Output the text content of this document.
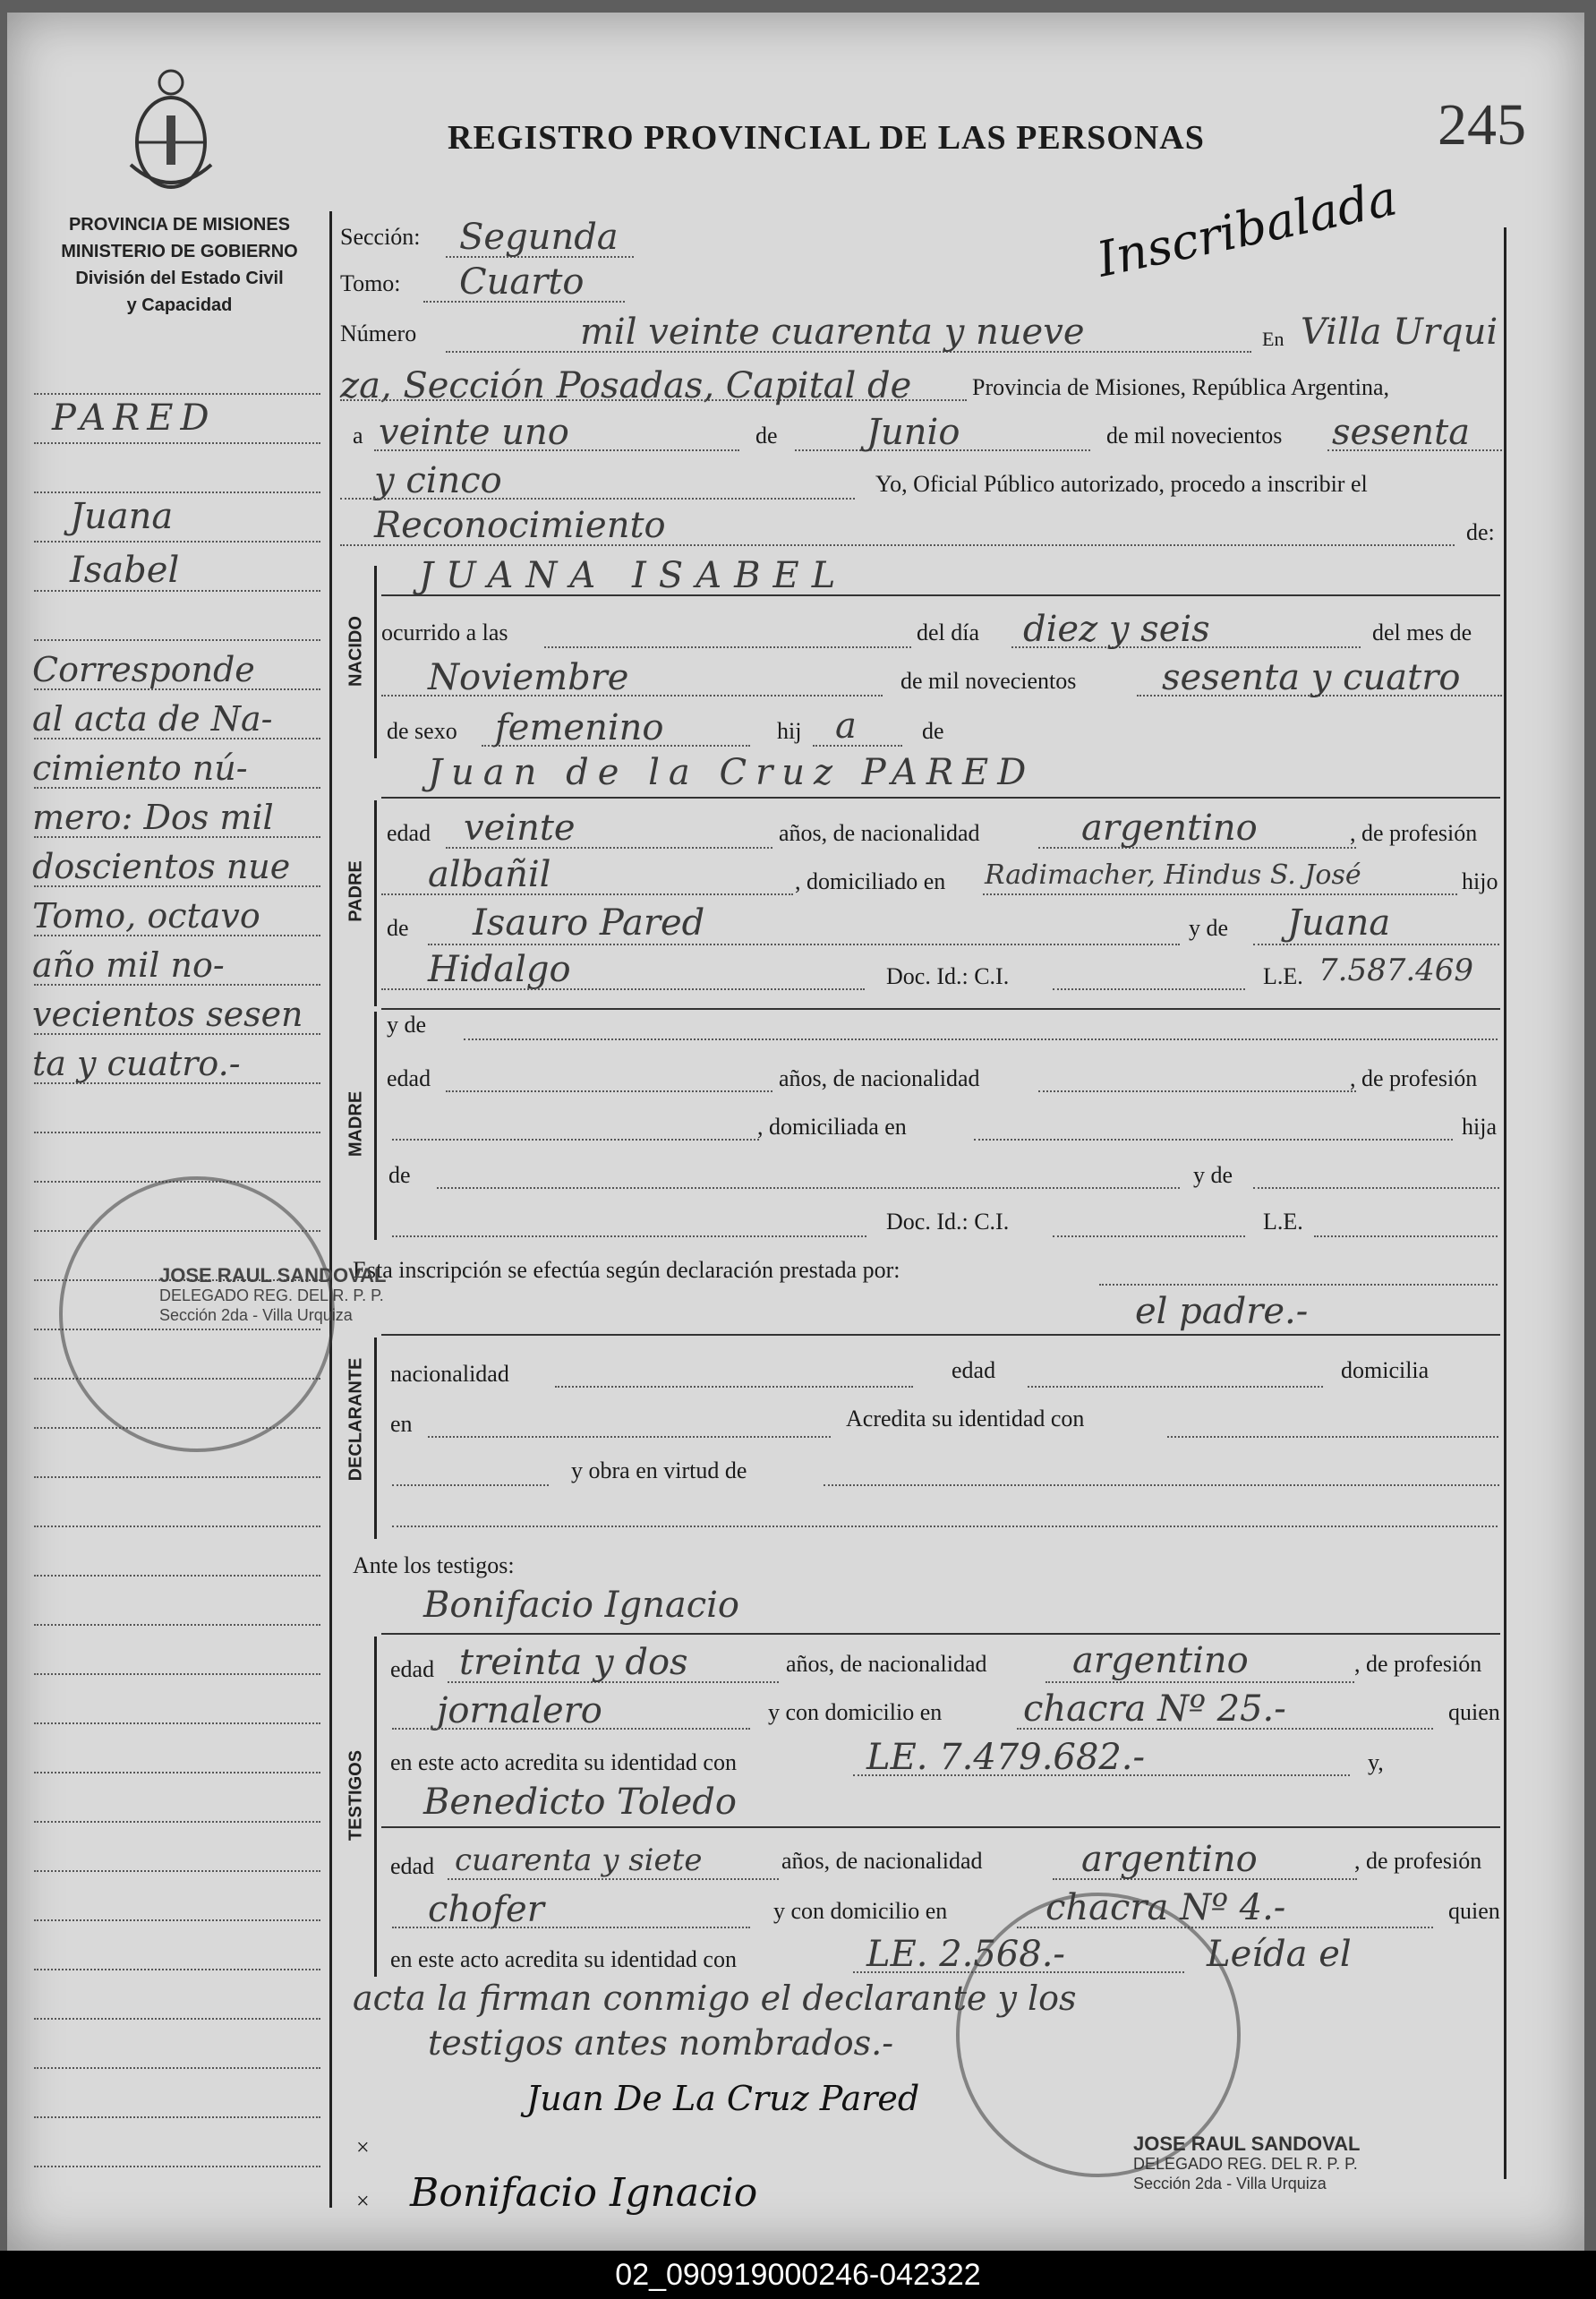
REGISTRO PROVINCIAL DE LAS PERSONAS	245
Inscribalada
PROVINCIA DE MISIONES
MINISTERIO DE GOBIERNO
División del Estado Civil
y Capacidad
PARED
Juana
Isabel
Corresponde
al acta de Na-
cimiento nú-
mero: Dos mil
doscientos nue
Tomo, octavo
año mil no-
vecientos sesen
ta y cuatro.-
Sección: Segunda
Tomo: Cuarto
Número	mil veinte cuarenta y nueve	En Villa Urqui
za, Sección Posadas, Capital de	Provincia de Misiones, República Argentina,
a veinte uno	de Junio	de mil novecientos sesenta
y cinco	Yo, Oficial Público autorizado, procedo a inscribir el
Reconocimiento	de:
NACIDO
JUANA ISABEL
ocurrido a las	del día diez y seis	del mes de
Noviembre	de mil novecientos sesenta y cuatro
de sexo femenino	hij a	de
Juan de la Cruz PARED
PADRE
edad veinte	años, de nacionalidad	argentino	, de profesión
albañil	, domiciliado en Radimacher, Hindus S. José	hijo
de Isauro Pared	y de Juana
Hidalgo	Doc. Id.: C.I.	L.E. 7.587.469
MADRE
y de
edad	años, de nacionalidad	, de profesión
, domiciliada en	hija
de	y de
Doc. Id.: C.I.	L.E.
Esta inscripción se efectúa según declaración prestada por:
el padre.-
DECLARANTE nacionalidad	edad	domicilia
en	Acredita su identidad con
y obra en virtud de
Ante los testigos:
Bonifacio Ignacio
TESTIGOS
edad treinta y dos	años, de nacionalidad argentino	, de profesión
jornalero	y con domicilio en chacra Nº 25.-	quien
en este acto acredita su identidad con	LE. 7.479.682.-	y,
Benedicto Toledo
edad cuarenta y siete	años, de nacionalidad	argentino	, de profesión
chofer	y con domicilio en	chacra Nº 4.-	quien
en este acto acredita su identidad con	LE. 2.568.-	Leída el
acta la firman conmigo el declarante y los
testigos antes nombrados.-
Juan De La Cruz Pared
×
Bonifacio Ignacio
×
JOSE RAUL SANDOVAL
DELEGADO REG. DEL R. P. P.
Sección 2da - Villa Urquiza
JOSE RAUL SANDOVAL
DELEGADO REG. DEL R. P. P.
Sección 2da - Villa Urquiza
02_090919000246-042322
